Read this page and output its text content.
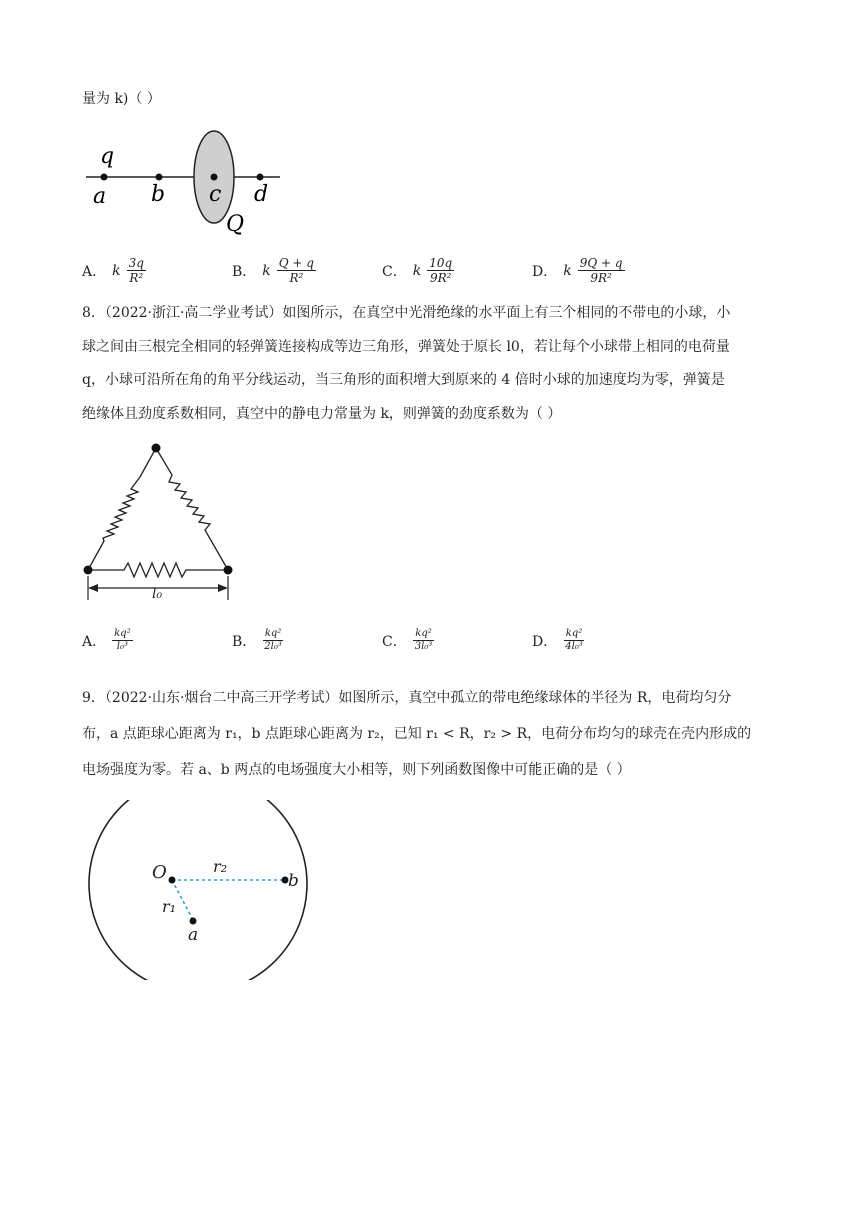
量为 k)（ ）
q
a b c d
Q
A． k $\frac{3q}{\text{R²}}$	B． k $\frac{Q + q}{\text{R²}}$	C． k $\frac{10q}{\text{9R²}}$	D． k $\frac{9Q + q}{\text{9R²}}$
8．（2022·浙江·高二学业考试）如图所示，在真空中光滑绝缘的水平面上有三个相同的不带电的小球，小
球之间由三根完全相同的轻弹簧连接构成等边三角形，弹簧处于原长 l0，若让每个小球带上相同的电荷量
q，小球可沿所在角的角平分线运动，当三角形的面积增大到原来的 4 倍时小球的加速度均为零，弹簧是
绝缘体且劲度系数相同，真空中的静电力常量为 k，则弹簧的劲度系数为（ ）
l₀
A． $\frac{\text{kq²}}{\text{l₀³}}$	B． $\frac{\text{kq²}}{\text{2l₀³}}$	C． $\frac{\text{kq²}}{\text{3l₀³}}$	D． $\frac{\text{kq²}}{\text{4l₀³}}$
9．（2022·山东·烟台二中高三开学考试）如图所示，真空中孤立的带电绝缘球体的半径为 R，电荷均匀分
布，a 点距球心距离为 r₁，b 点距球心距离为 r₂，已知 r₁ < R，r₂ > R，电荷分布均匀的球壳在壳内形成的
电场强度为零。若 a、b 两点的电场强度大小相等，则下列函数图像中可能正确的是（ ）
O	r₂
r₁
b
a
